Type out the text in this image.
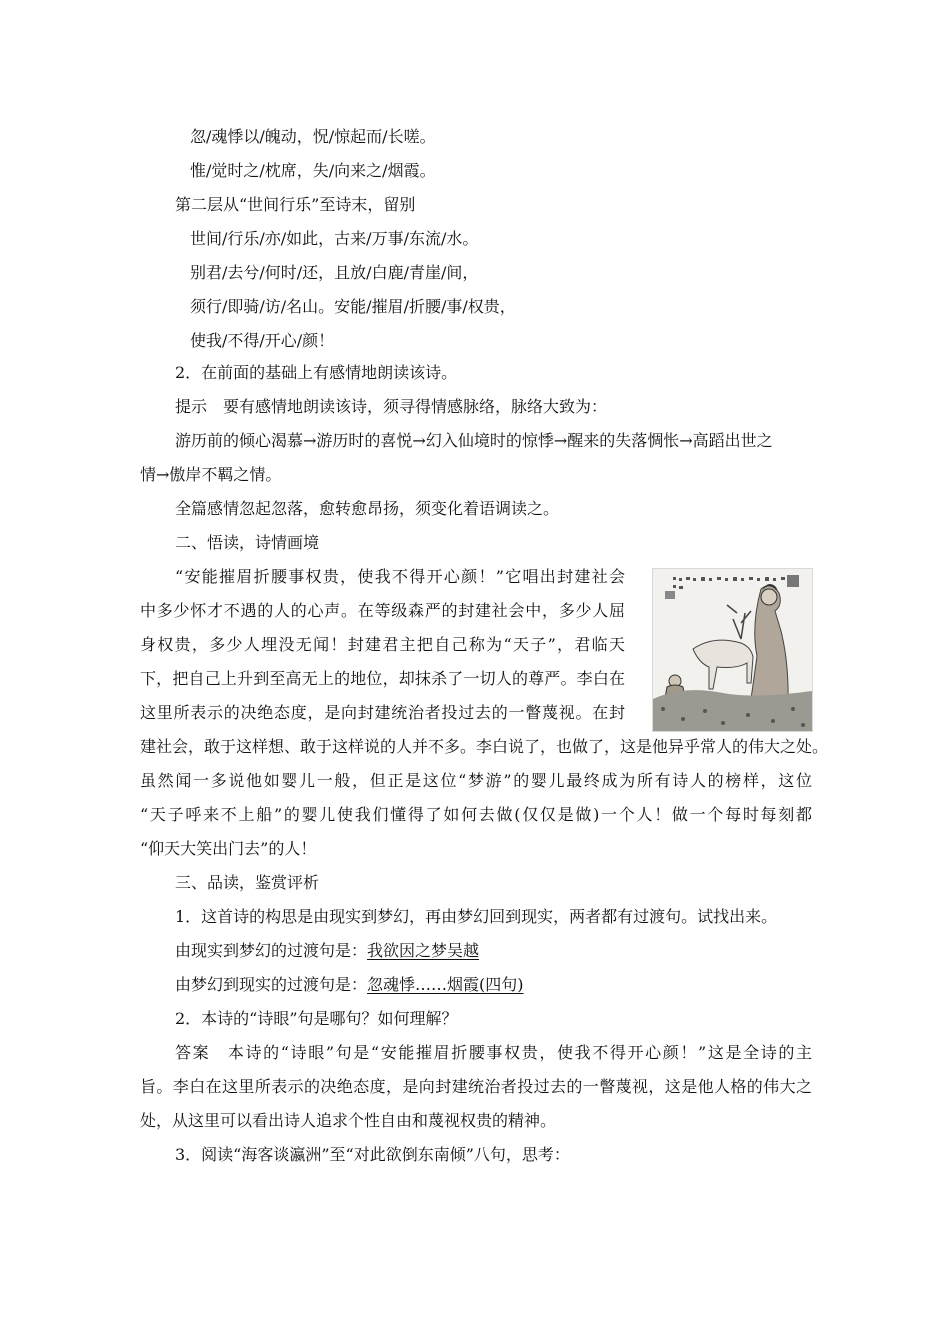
忽/魂悸以/魄动，怳/惊起而/长嗟。
惟/觉时之/枕席，失/向来之/烟霞。
第二层从“世间行乐”至诗末，留别
世间/行乐/亦/如此，古来/万事/东流/水。
别君/去兮/何时/还，且放/白鹿/青崖/间，
须行/即骑/访/名山。安能/摧眉/折腰/事/权贵，
使我/不得/开心/颜！
2．在前面的基础上有感情地朗读该诗。
提示　要有感情地朗读该诗，须寻得情感脉络，脉络大致为：
游历前的倾心渴慕→游历时的喜悦→幻入仙境时的惊悸→醒来的失落惆怅→高蹈出世之
情→傲岸不羁之情。
全篇感情忽起忽落，愈转愈昂扬，须变化着语调读之。
二、悟读，诗情画境
“安能摧眉折腰事权贵，使我不得开心颜！”它唱出封建社会
中多少怀才不遇的人的心声。在等级森严的封建社会中，多少人屈
身权贵，多少人埋没无闻！封建君主把自己称为“天子”，君临天
下，把自己上升到至高无上的地位，却抹杀了一切人的尊严。李白在
这里所表示的决绝态度，是向封建统治者投过去的一瞥蔑视。在封
建社会，敢于这样想、敢于这样说的人并不多。李白说了，也做了，这是他异乎常人的伟大之处。
虽然闻一多说他如婴儿一般，但正是这位“梦游”的婴儿最终成为所有诗人的榜样，这位
“天子呼来不上船”的婴儿使我们懂得了如何去做(仅仅是做)一个人！做一个每时每刻都
“仰天大笑出门去”的人！
三、品读，鉴赏评析
1．这首诗的构思是由现实到梦幻，再由梦幻回到现实，两者都有过渡句。试找出来。
由现实到梦幻的过渡句是：我欲因之梦吴越
由梦幻到现实的过渡句是：忽魂悸……烟霞(四句)
2．本诗的“诗眼”句是哪句？如何理解？
答案　本诗的“诗眼”句是“安能摧眉折腰事权贵，使我不得开心颜！”这是全诗的主
旨。李白在这里所表示的决绝态度，是向封建统治者投过去的一瞥蔑视，这是他人格的伟大之
处，从这里可以看出诗人追求个性自由和蔑视权贵的精神。
3．阅读“海客谈瀛洲”至“对此欲倒东南倾”八句，思考：
